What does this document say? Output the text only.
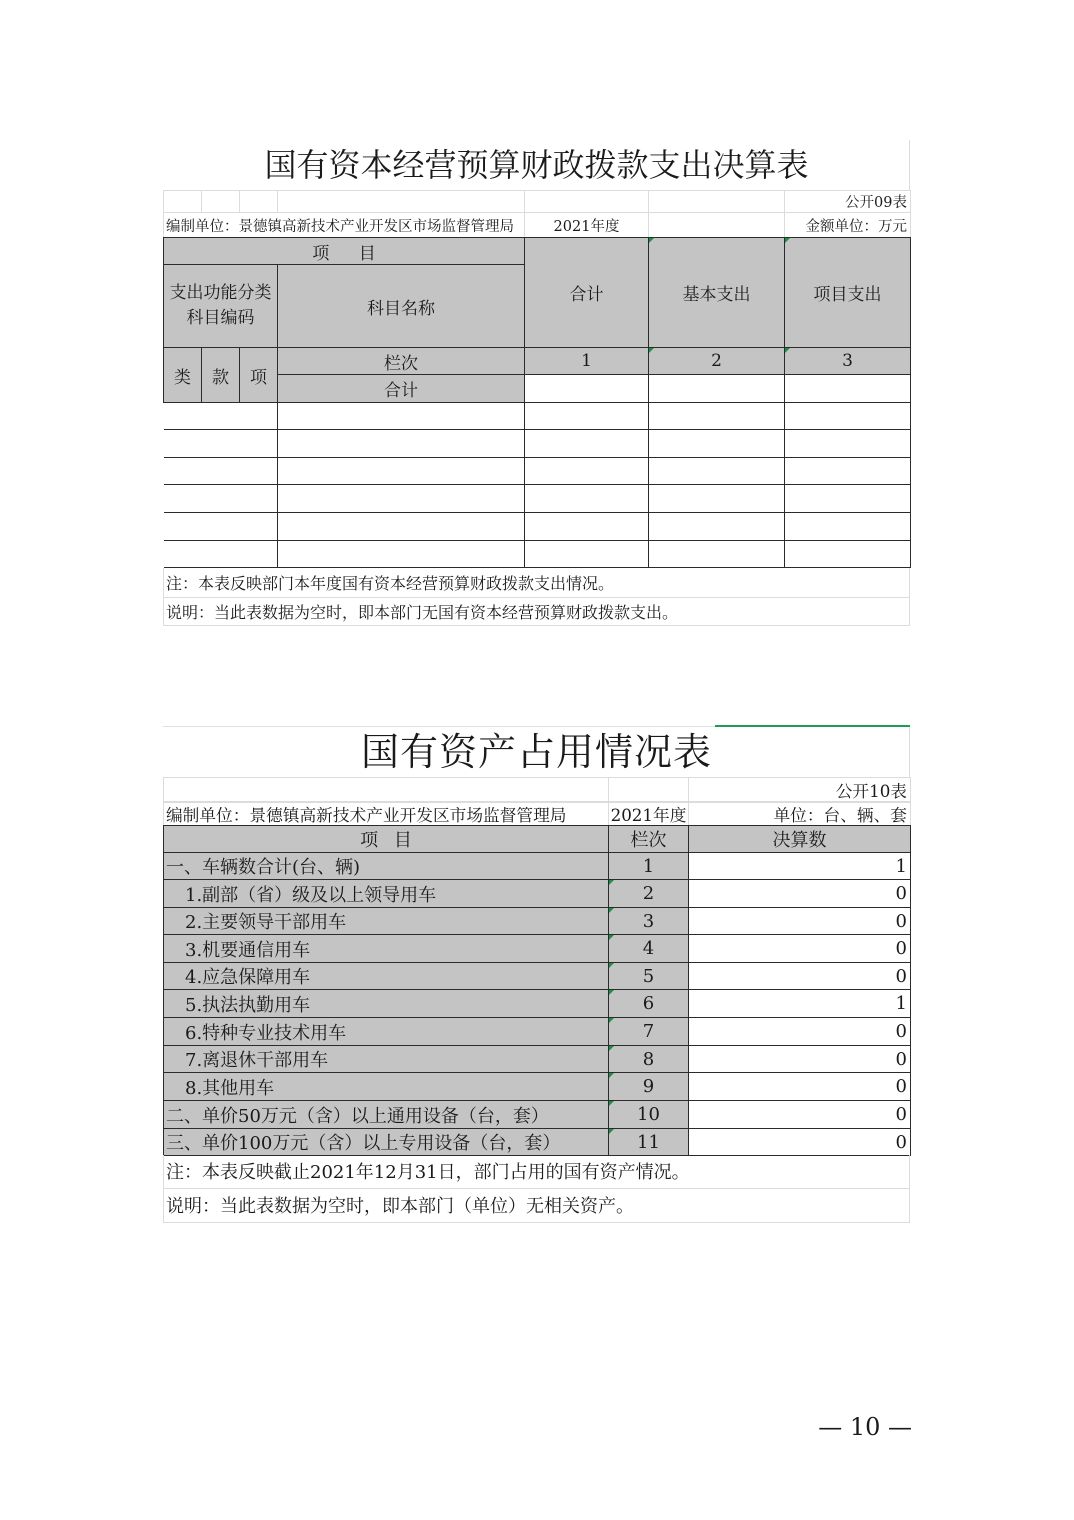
国有资本经营预算财政拨款支出决算表
						公开09表
编制单位：景德镇高新技术产业开发区市场监督管理局	2021年度		金额单位：万元
项 目				合计	基本支出	项目支出
支出功能分类科目编码			科目名称			
类	款	项	栏次	1	2	3
			合计			

注：本表反映部门本年度国有资本经营预算财政拨款支出情况。
说明：当此表数据为空时，即本部门无国有资本经营预算财政拨款支出。
国有资产占用情况表
		公开10表
编制单位：景德镇高新技术产业开发区市场监督管理局	2021年度	单位：台、辆、套
项 目	栏次	决算数
一、车辆数合计(台、辆)	1	1
1.副部（省）级及以上领导用车	2	0
2.主要领导干部用车	3	0
3.机要通信用车	4	0
4.应急保障用车	5	0
5.执法执勤用车	6	1
6.特种专业技术用车	7	0
7.离退休干部用车	8	0
8.其他用车	9	0
二、单价50万元（含）以上通用设备（台，套）	10	0
三、单价100万元（含）以上专用设备（台，套）	11	0
注：本表反映截止2021年12月31日，部门占用的国有资产情况。
说明：当此表数据为空时，即本部门（单位）无相关资产。
— 10 —
